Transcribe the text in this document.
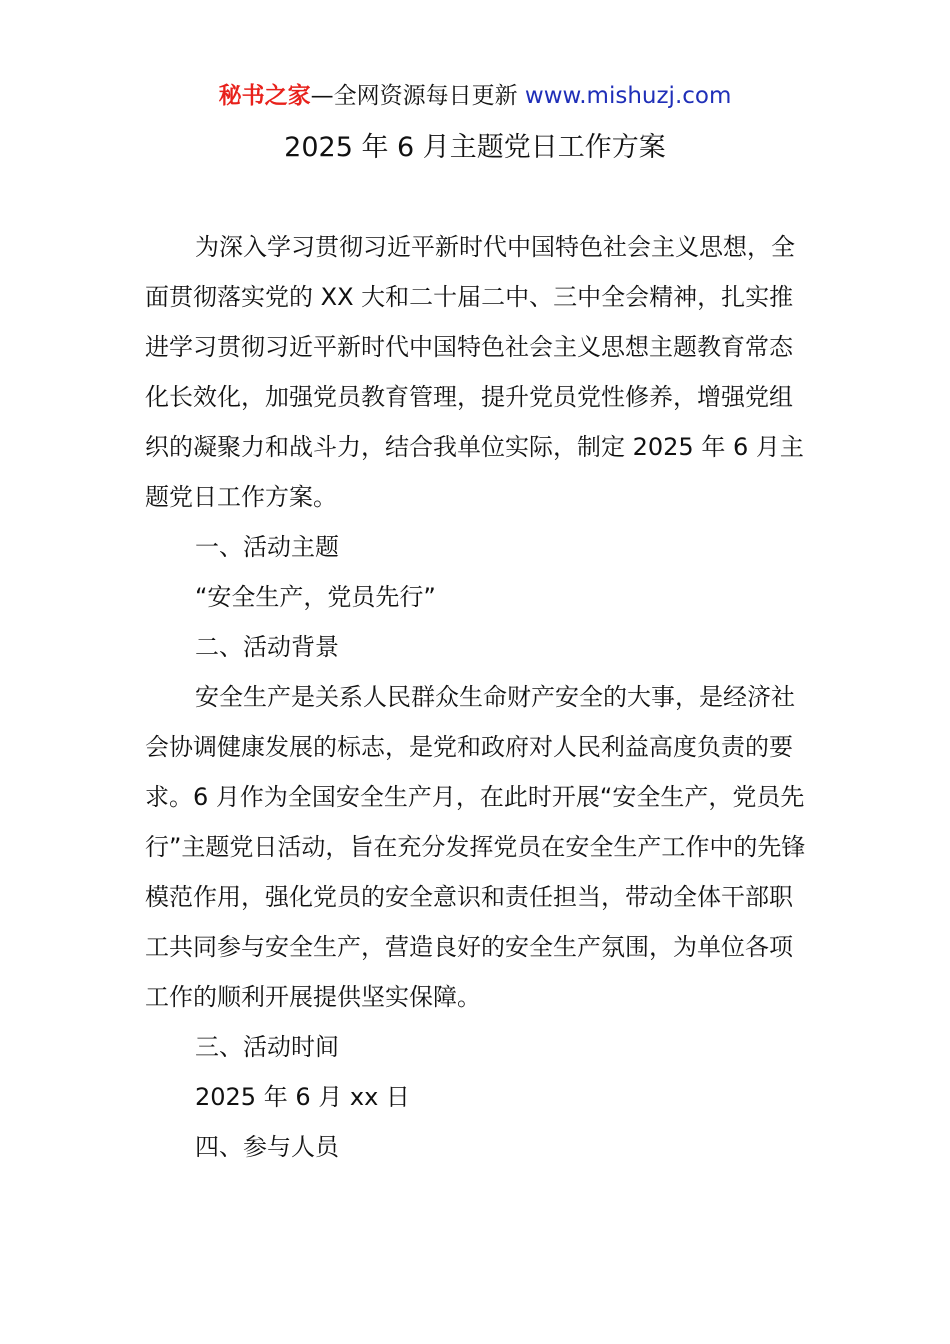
秘书之家—全网资源每日更新 www.mishuzj.com
2025 年 6 月主题党日工作方案

为深入学习贯彻习近平新时代中国特色社会主义思想，全面贯彻落实党的 XX 大和二十届二中、三中全会精神，扎实推进学习贯彻习近平新时代中国特色社会主义思想主题教育常态化长效化，加强党员教育管理，提升党员党性修养，增强党组织的凝聚力和战斗力，结合我单位实际，制定 2025 年 6 月主题党日工作方案。

一、活动主题

“安全生产，党员先行”

二、活动背景

安全生产是关系人民群众生命财产安全的大事，是经济社会协调健康发展的标志，是党和政府对人民利益高度负责的要求。6 月作为全国安全生产月，在此时开展“安全生产，党员先行”主题党日活动，旨在充分发挥党员在安全生产工作中的先锋模范作用，强化党员的安全意识和责任担当，带动全体干部职工共同参与安全生产，营造良好的安全生产氛围，为单位各项工作的顺利开展提供坚实保障。

三、活动时间

2025 年 6 月 xx 日

四、参与人员
